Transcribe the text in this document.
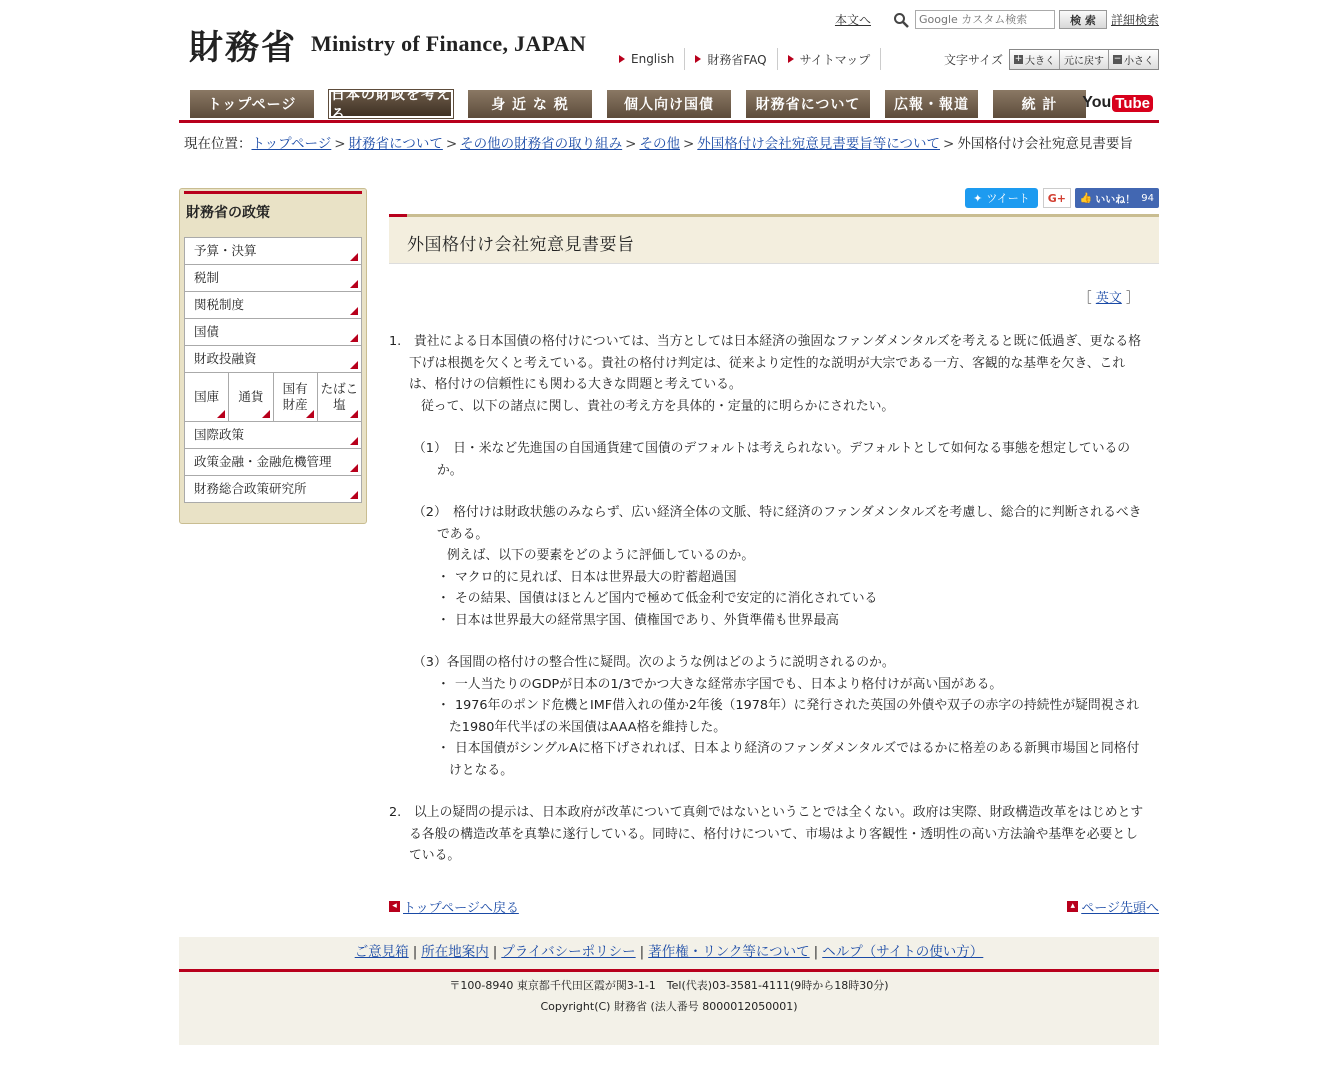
財務省 Ministry of Finance, JAPAN
本文へ
Google カスタム検索	検 索	詳細検索
English	財務省FAQ	サイトマップ	文字サイズ + 大きく 元に戻す − 小さく
トップページ
日本の財政を考える
身 近 な 税	個人向け国債	財務省について	広報・報道	統 計	You Tube
現在位置：トップページ > 財務省について > その他の財務省の取り組み > その他 > 外国格付け会社宛意見書要旨等について > 外国格付け会社宛意見書要旨
財務省の政策
予算・決算
税制
関税制度
国債
財政投融資
国庫 通貨
国有財産
たばこ塩
国際政策
政策金融・金融危機管理
財務総合政策研究所
✦ ツイート	G+	👍 いいね！ 94
外国格付け会社宛意見書要旨
［ 英文 ］

1.　貴社による日本国債の格付けについては、当方としては日本経済の強固なファンダメンタルズを考えると既に低過ぎ、更なる格下げは根拠を欠くと考えている。貴社の格付け判定は、従来より定性的な説明が大宗である一方、客観的な基準を欠き、これは、格付けの信頼性にも関わる大きな問題と考えている。

従って、以下の諸点に関し、貴社の考え方を具体的・定量的に明らかにされたい。

（1）　日・米など先進国の自国通貨建て国債のデフォルトは考えられない。デフォルトとして如何なる事態を想定しているのか。

（2）　格付けは財政状態のみならず、広い経済全体の文脈、特に経済のファンダメンタルズを考慮し、総合的に判断されるべきである。

例えば、以下の要素をどのように評価しているのか。

・ マクロ的に見れば、日本は世界最大の貯蓄超過国

・ その結果、国債はほとんど国内で極めて低金利で安定的に消化されている

・ 日本は世界最大の経常黒字国、債権国であり、外貨準備も世界最高

（3）各国間の格付けの整合性に疑問。次のような例はどのように説明されるのか。

・ 一人当たりのGDPが日本の1/3でかつ大きな経常赤字国でも、日本より格付けが高い国がある。

・ 1976年のポンド危機とIMF借入れの僅か2年後（1978年）に発行された英国の外債や双子の赤字の持続性が疑問視された1980年代半ばの米国債はAAA格を維持した。

・ 日本国債がシングルAに格下げされれば、日本より経済のファンダメンタルズではるかに格差のある新興市場国と同格付けとなる。

2.　以上の疑問の提示は、日本政府が改革について真剣ではないということでは全くない。政府は実際、財政構造改革をはじめとする各般の構造改革を真摯に遂行している。同時に、格付けについて、市場はより客観性・透明性の高い方法論や基準を必要としている。

◂ トップページへ戻る	▴ ページ先頭へ
ご意見箱 | 所在地案内 | プライバシーポリシー | 著作権・リンク等について | ヘルプ（サイトの使い方）
〒100-8940 東京都千代田区霞が関3-1-1　Tel(代表)03-3581-4111(9時から18時30分)
Copyright(C) 財務省 (法人番号 8000012050001)
